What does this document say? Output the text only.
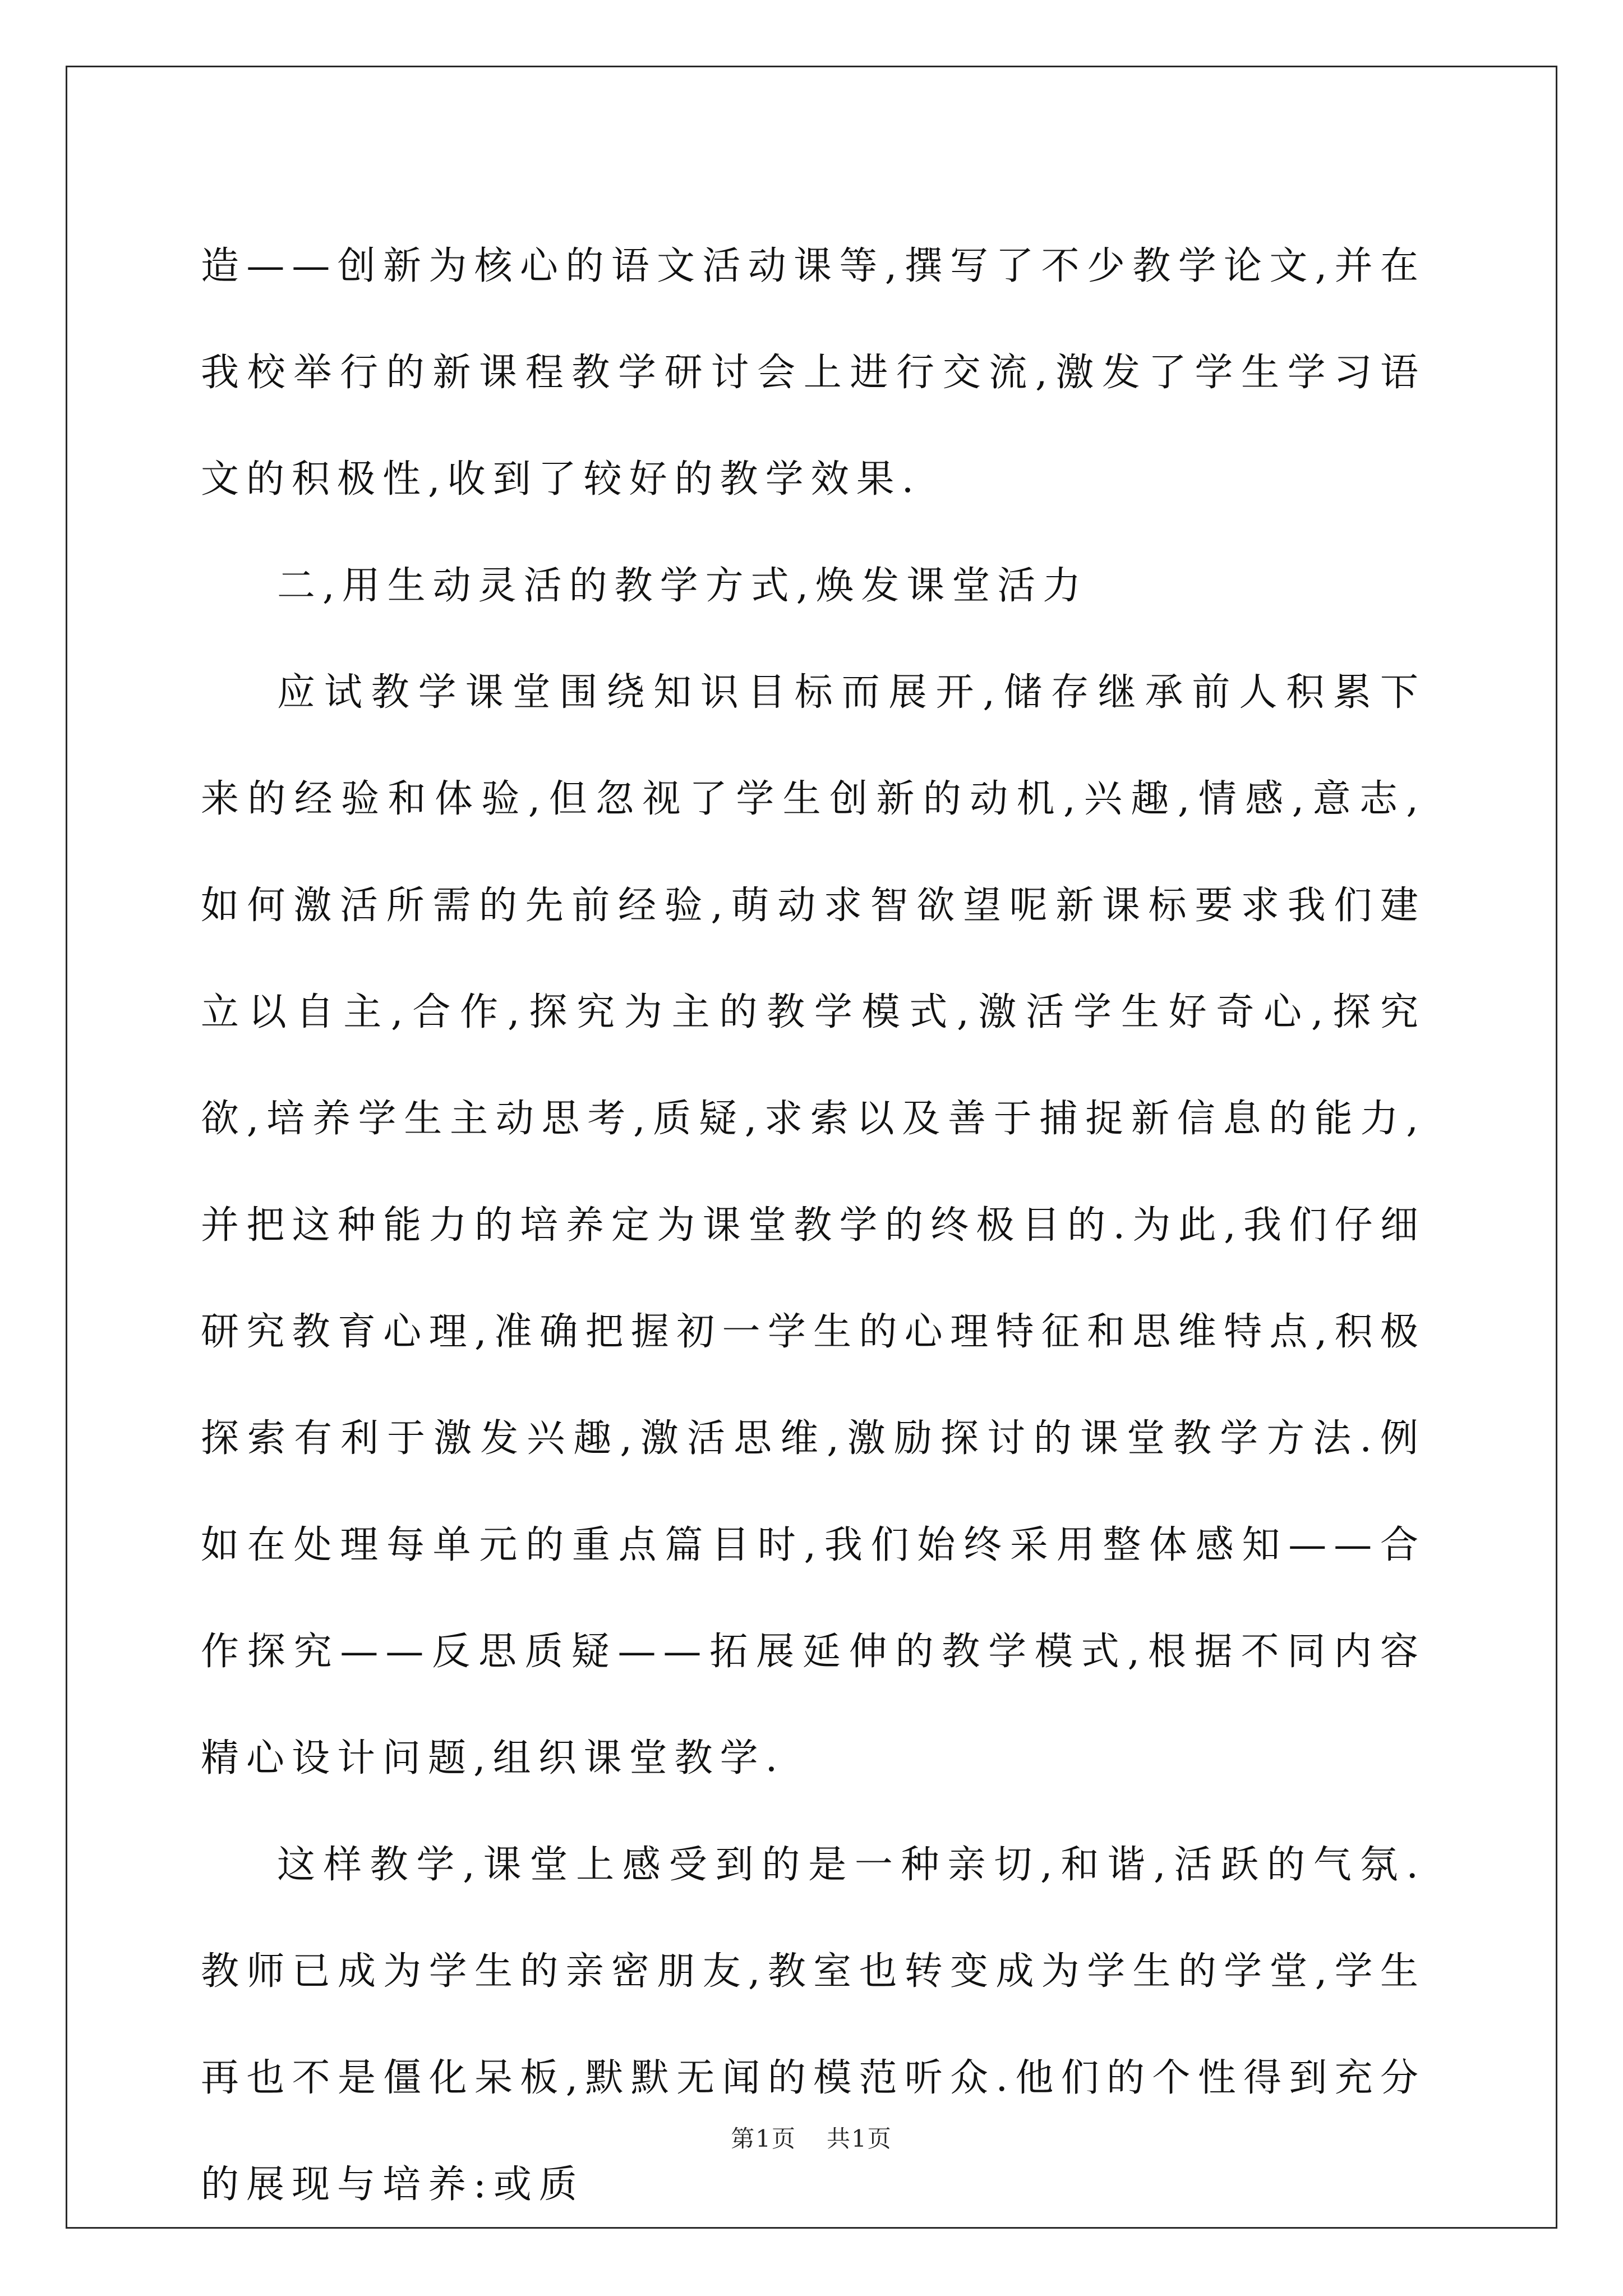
造——创新为核心的语文活动课等,撰写了不少教学论文,并在我校举行的新课程教学研讨会上进行交流,激发了学生学习语文的积极性,收到了较好的教学效果.

二,用生动灵活的教学方式,焕发课堂活力

应试教学课堂围绕知识目标而展开,储存继承前人积累下来的经验和体验,但忽视了学生创新的动机,兴趣,情感,意志,如何激活所需的先前经验,萌动求智欲望呢新课标要求我们建立以自主,合作,探究为主的教学模式,激活学生好奇心,探究欲,培养学生主动思考,质疑,求索以及善于捕捉新信息的能力,并把这种能力的培养定为课堂教学的终极目的.为此,我们仔细研究教育心理,准确把握初一学生的心理特征和思维特点,积极探索有利于激发兴趣,激活思维,激励探讨的课堂教学方法.例如在处理每单元的重点篇目时,我们始终采用整体感知——合作探究——反思质疑——拓展延伸的教学模式,根据不同内容精心设计问题,组织课堂教学.

这样教学,课堂上感受到的是一种亲切,和谐,活跃的气氛.教师已成为学生的亲密朋友,教室也转变成为学生的学堂,学生再也不是僵化呆板,默默无闻的模范听众.他们的个性得到充分的展现与培养:或质

第1页 共1页
